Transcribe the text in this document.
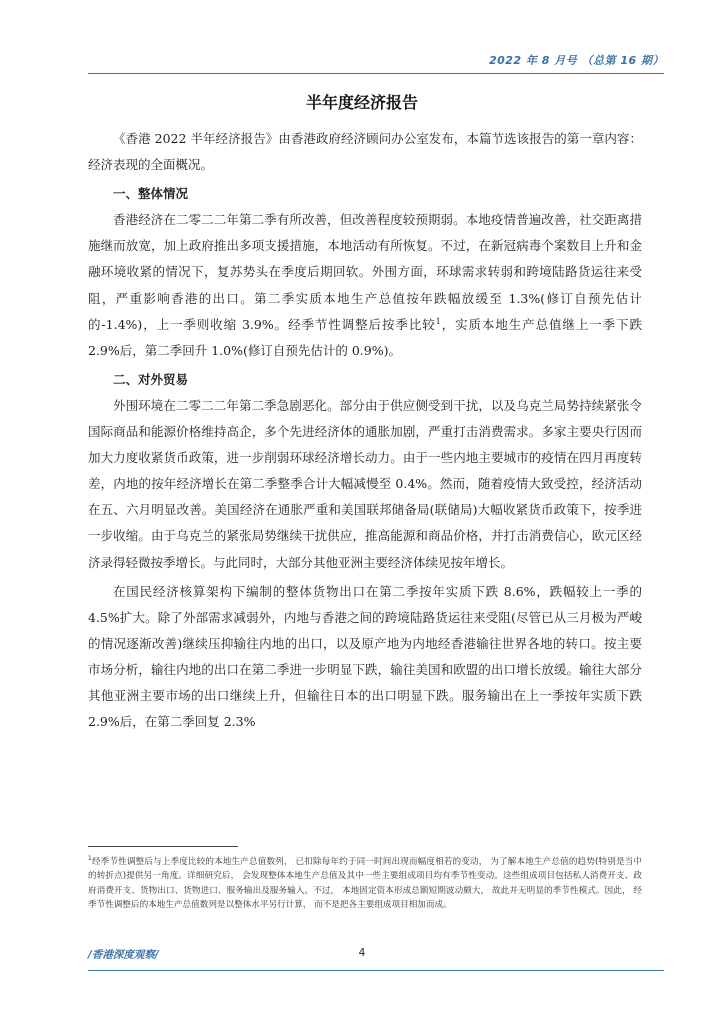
2022 年 8 月号 （总第 16 期）
半年度经济报告

《香港 2022 半年经济报告》由香港政府经济顾问办公室发布，本篇节选该报告的第一章内容：经济表现的全面概况。

一、整体情况

香港经济在二零二二年第二季有所改善，但改善程度较预期弱。本地疫情普遍改善，社交距离措施继而放宽，加上政府推出多项支援措施，本地活动有所恢复。不过，在新冠病毒个案数目上升和金融环境收紧的情况下，复苏势头在季度后期回软。外围方面，环球需求转弱和跨境陆路货运往来受阻，严重影响香港的出口。第二季实质本地生产总值按年跌幅放缓至 1.3%(修订自预先估计的-1.4%)，上一季则收缩 3.9%。经季节性调整后按季比较$^1$，实质本地生产总值继上一季下跌 2.9%后，第二季回升 1.0%(修订自预先估计的 0.9%)。

二、对外贸易

外围环境在二零二二年第二季急剧恶化。部分由于供应侧受到干扰，以及乌克兰局势持续紧张令国际商品和能源价格维持高企，多个先进经济体的通胀加剧，严重打击消费需求。多家主要央行因而加大力度收紧货币政策，进一步削弱环球经济增长动力。由于一些内地主要城市的疫情在四月再度转差，内地的按年经济增长在第二季整季合计大幅减慢至 0.4%。然而，随着疫情大致受控，经济活动在五、六月明显改善。美国经济在通胀严重和美国联邦储备局(联储局)大幅收紧货币政策下，按季进一步收缩。由于乌克兰的紧张局势继续干扰供应，推高能源和商品价格，并打击消费信心，欧元区经济录得轻微按季增长。与此同时，大部分其他亚洲主要经济体续见按年增长。

在国民经济核算架构下编制的整体货物出口在第二季按年实质下跌 8.6%，跌幅较上一季的 4.5%扩大。除了外部需求减弱外，内地与香港之间的跨境陆路货运往来受阻(尽管已从三月极为严峻的情况逐渐改善)继续压抑输往内地的出口，以及原产地为内地经香港输往世界各地的转口。按主要市场分析，输往内地的出口在第二季进一步明显下跌，输往美国和欧盟的出口增长放缓。输往大部分其他亚洲主要市场的出口继续上升，但输往日本的出口明显下跌。服务输出在上一季按年实质下跌 2.9%后，在第二季回复 2.3%

$^1$经季节性调整后与上季度比较的本地生产总值数列， 已扣除每年约于同一时间出现而幅度相若的变动， 为了解本地生产总值的趋势(特别是当中的转折点)提供另一角度。详细研究后， 会发现整体本地生产总值及其中一些主要组成项目均有季节性变动。这些组成项目包括私人消费开支、政府消费开支、货物出口、货物进口、服务输出及服务输入。不过， 本地固定资本形成总额短期波动颇大， 故此并无明显的季节性模式。因此， 经季节性调整后的本地生产总值数列是以整体水平另行计算， 而不是把各主要组成项目相加而成。
/香港深度观察/	4
